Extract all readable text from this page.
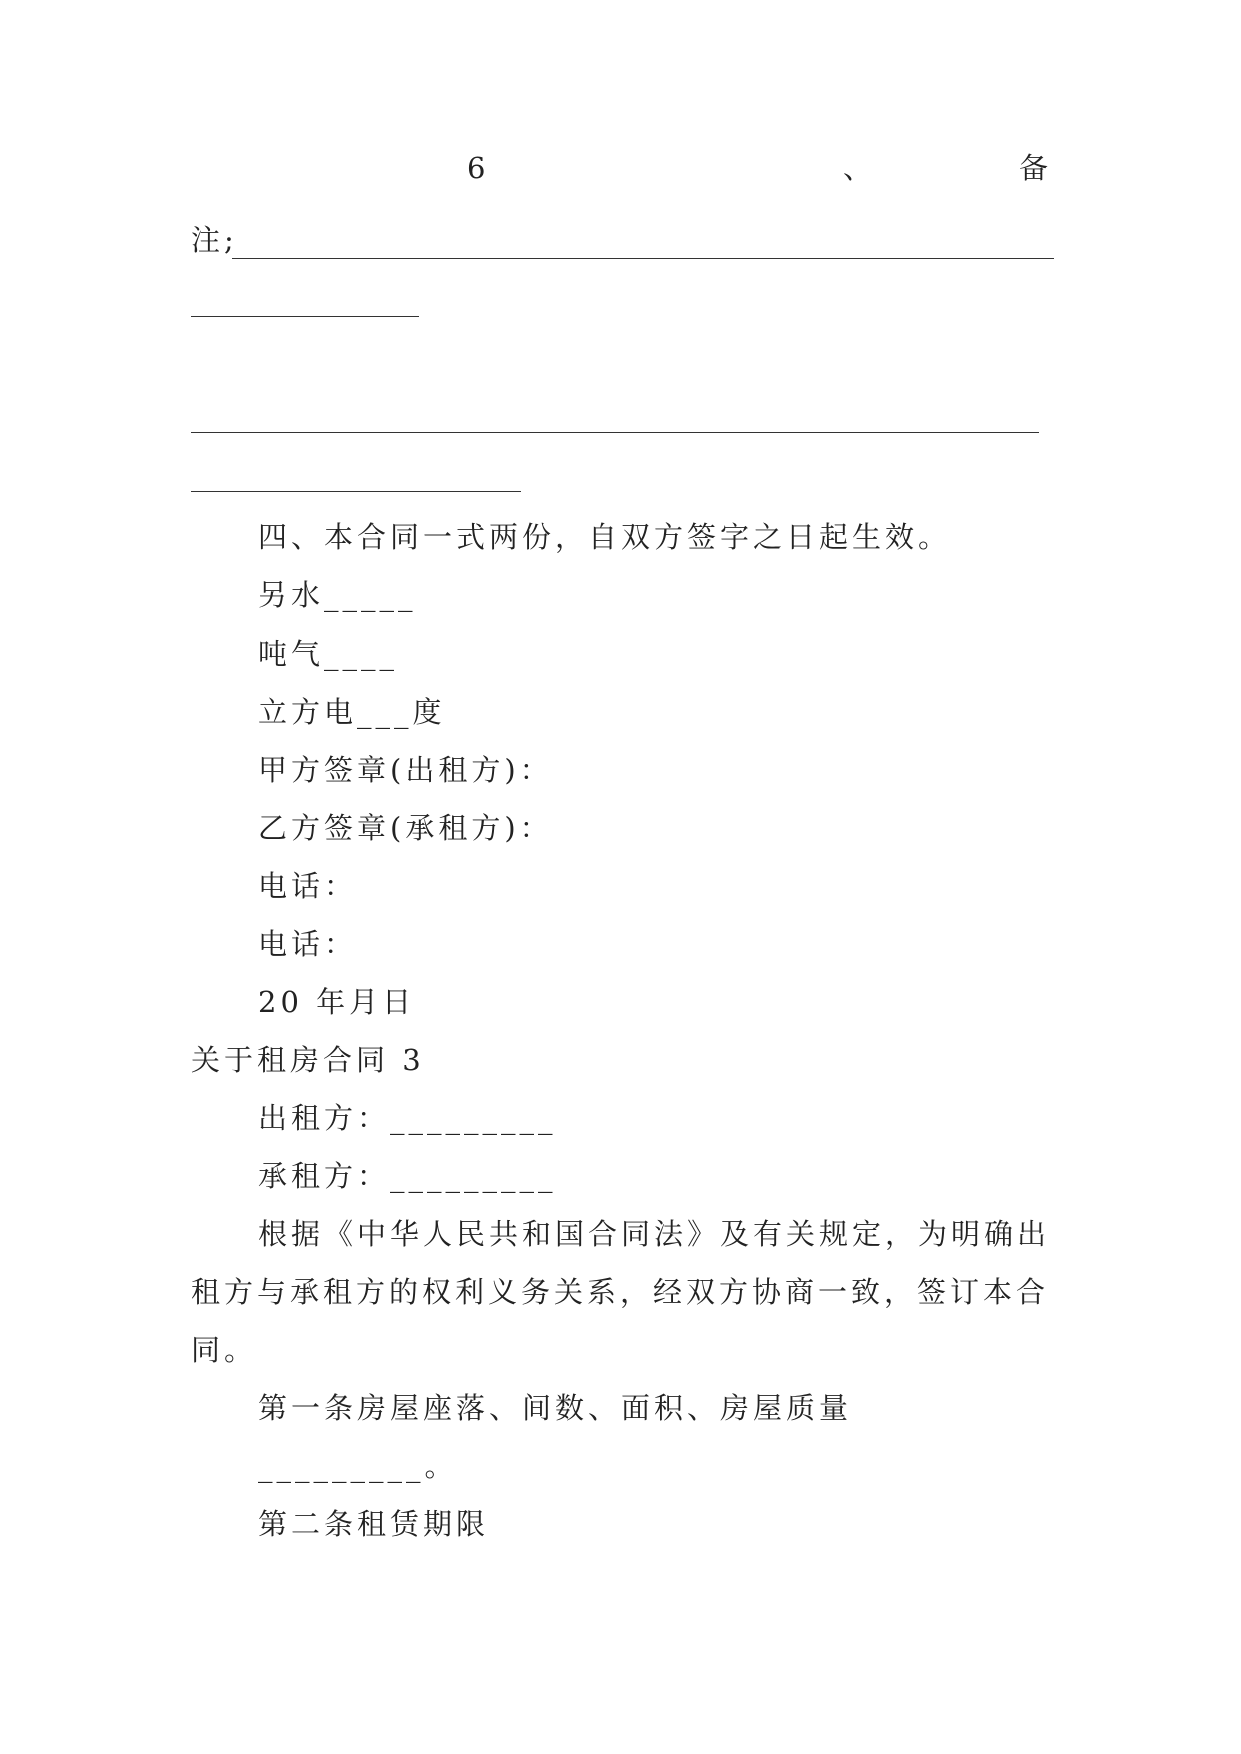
6	、	备
注;
四、本合同一式两份，自双方签字之日起生效。
另水_____
吨气____
立方电___度
甲方签章(出租方)：
乙方签章(承租方)：
电话：
电话：
20 年月日
关于租房合同 3
出租方：_________
承租方：_________
根据《中华人民共和国合同法》及有关规定，为明确出
租方与承租方的权利义务关系，经双方协商一致，签订本合
同。
第一条房屋座落、间数、面积、房屋质量
_________。
第二条租赁期限
